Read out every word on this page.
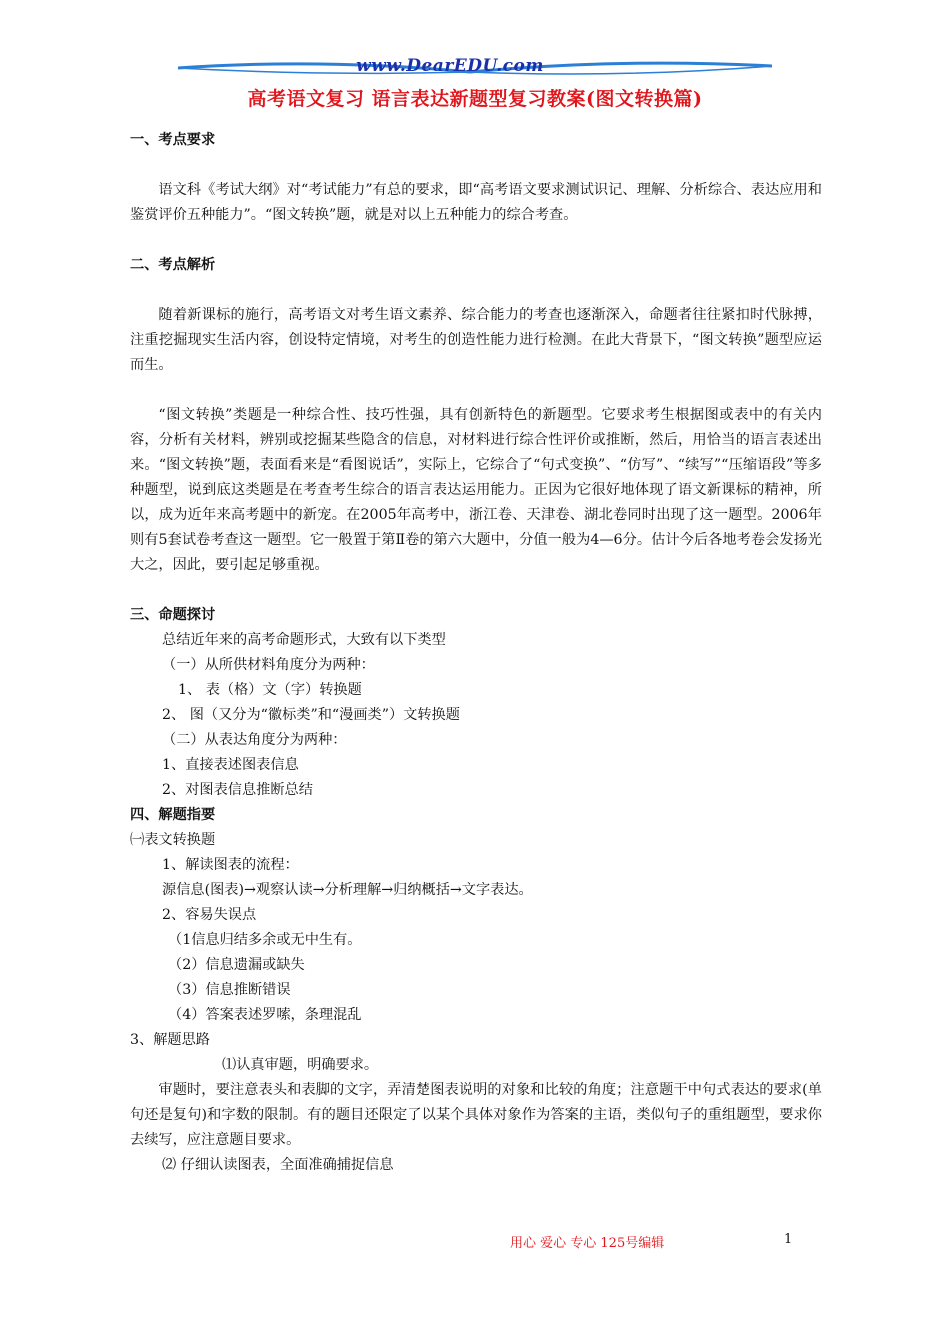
www.DearEDU.com
高考语文复习 语言表达新题型复习教案(图文转换篇)

一、考点要求

语文科《考试大纲》对“考试能力”有总的要求，即“高考语文要求测试识记、理解、分析综合、表达应用和鉴赏评价五种能力”。“图文转换”题，就是对以上五种能力的综合考查。

二、考点解析

随着新课标的施行，高考语文对考生语文素养、综合能力的考查也逐渐深入，命题者往往紧扣时代脉搏，注重挖掘现实生活内容，创设特定情境，对考生的创造性能力进行检测。在此大背景下，“图文转换”题型应运而生。

“图文转换”类题是一种综合性、技巧性强，具有创新特色的新题型。它要求考生根据图或表中的有关内容，分析有关材料，辨别或挖掘某些隐含的信息，对材料进行综合性评价或推断，然后，用恰当的语言表述出来。“图文转换”题，表面看来是“看图说话”，实际上，它综合了“句式变换”、“仿写”、“续写”“压缩语段”等多种题型，说到底这类题是在考查考生综合的语言表达运用能力。正因为它很好地体现了语文新课标的精神，所以，成为近年来高考题中的新宠。在2005年高考中，浙江卷、天津卷、湖北卷同时出现了这一题型。2006年则有5套试卷考查这一题型。它一般置于第Ⅱ卷的第六大题中，分值一般为4—6分。估计今后各地考卷会发扬光大之，因此，要引起足够重视。

三、命题探讨

总结近年来的高考命题形式，大致有以下类型

（一）从所供材料角度分为两种：

1、 表（格）文（字）转换题

2、 图（又分为“徽标类”和“漫画类”）文转换题

（二）从表达角度分为两种：

1、直接表述图表信息

2、对图表信息推断总结

四、解题指要

㈠表文转换题

1、解读图表的流程：

源信息(图表)→观察认读→分析理解→归纳概括→文字表达。

2、容易失误点

（1信息归结多余或无中生有。

（2）信息遗漏或缺失

（3）信息推断错误

（4）答案表述罗嗦，条理混乱

3、解题思路

⑴认真审题，明确要求。

审题时，要注意表头和表脚的文字，弄清楚图表说明的对象和比较的角度；注意题干中句式表达的要求(单句还是复句)和字数的限制。有的题目还限定了以某个具体对象作为答案的主语，类似句子的重组题型，要求你去续写，应注意题目要求。

⑵ 仔细认读图表，全面准确捕捉信息

用心 爱心 专心 125号编辑	1
